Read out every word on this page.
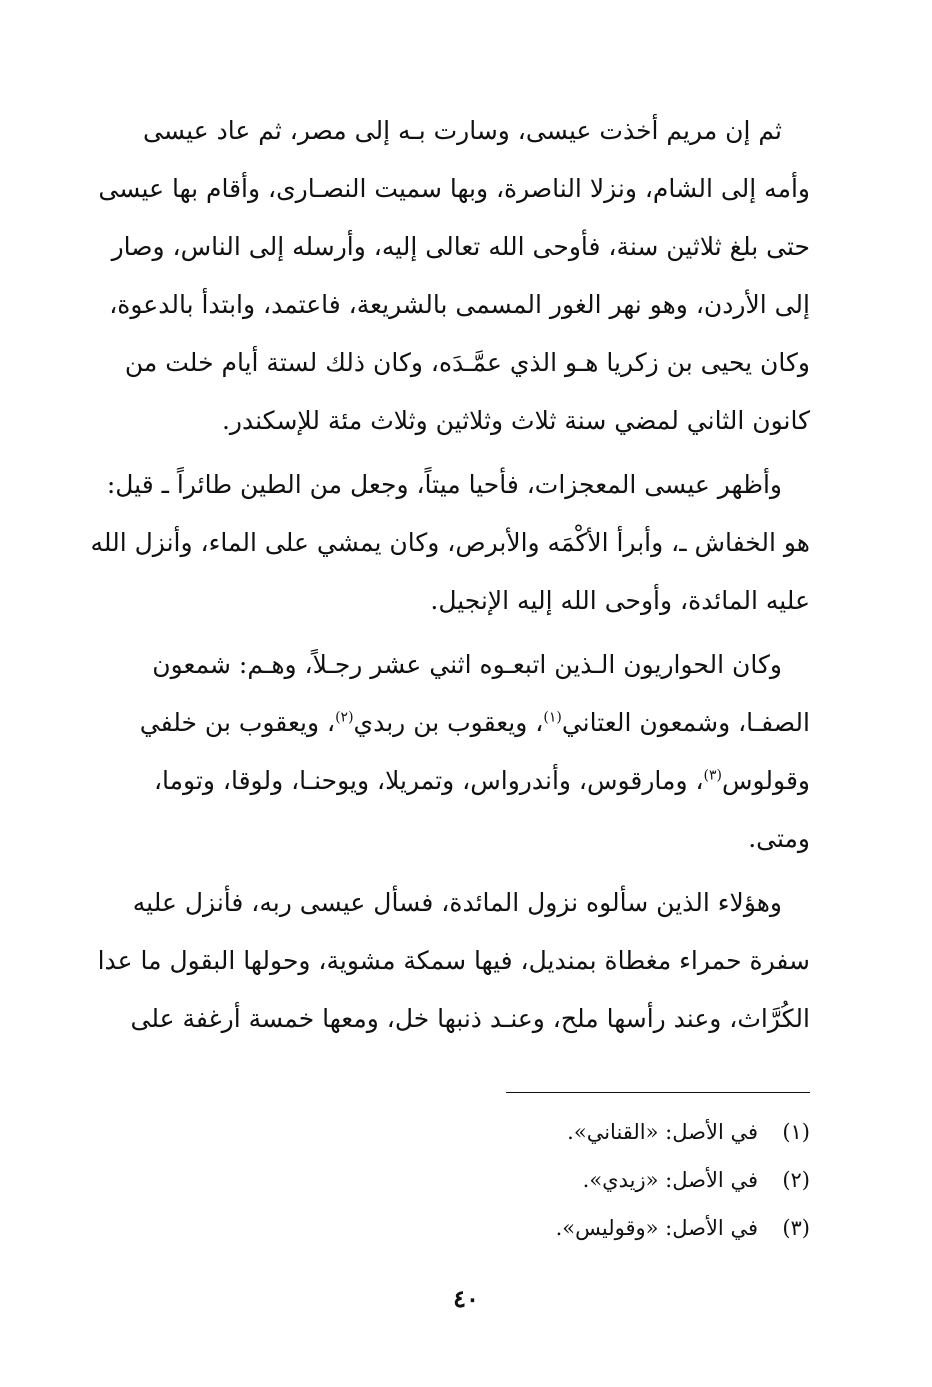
ثم إن مريم أخذت عيسى، وسارت بـه إلى مصر، ثم عاد عيسى
وأمه إلى الشام، ونزلا الناصرة، وبها سميت النصـارى، وأقام بها عيسى
حتى بلغ ثلاثين سنة، فأوحى الله تعالى إليه، وأرسله إلى الناس، وصار
إلى الأردن، وهو نهر الغور المسمى بالشريعة، فاعتمد، وابتدأ بالدعوة،
وكان يحيى بن زكريا هـو الذي عمَّـدَه، وكان ذلك لستة أيام خلت من
كانون الثاني لمضي سنة ثلاث وثلاثين وثلاث مئة للإسكندر.
وأظهر عيسى المعجزات، فأحيا ميتاً، وجعل من الطين طائراً ـ قيل:
هو الخفاش ـ، وأبرأ الأكْمَه والأبرص، وكان يمشي على الماء، وأنزل الله
عليه المائدة، وأوحى الله إليه الإنجيل.
وكان الحواريون الـذين اتبعـوه اثني عشر رجـلاً، وهـم: شمعون
الصفـا، وشمعون العتاني$^{(١)}$، ويعقوب بن ربدي$^{(٢)}$، ويعقوب بن خلفي
وقولوس$^{(٣)}$، ومارقوس، وأندرواس، وتمريلا، ويوحنـا، ولوقا، وتوما،
ومتى.
وهؤلاء الذين سألوه نزول المائدة، فسأل عيسى ربه، فأنزل عليه
سفرة حمراء مغطاة بمنديل، فيها سمكة مشوية، وحولها البقول ما عدا
الكُرَّاث، وعند رأسها ملح، وعنـد ذنبها خل، ومعها خمسة أرغفة على
(١)
في الأصل: «القناني».
(٢)
في الأصل: «زيدي».
(٣)
في الأصل: «وقوليس».
٤٠
